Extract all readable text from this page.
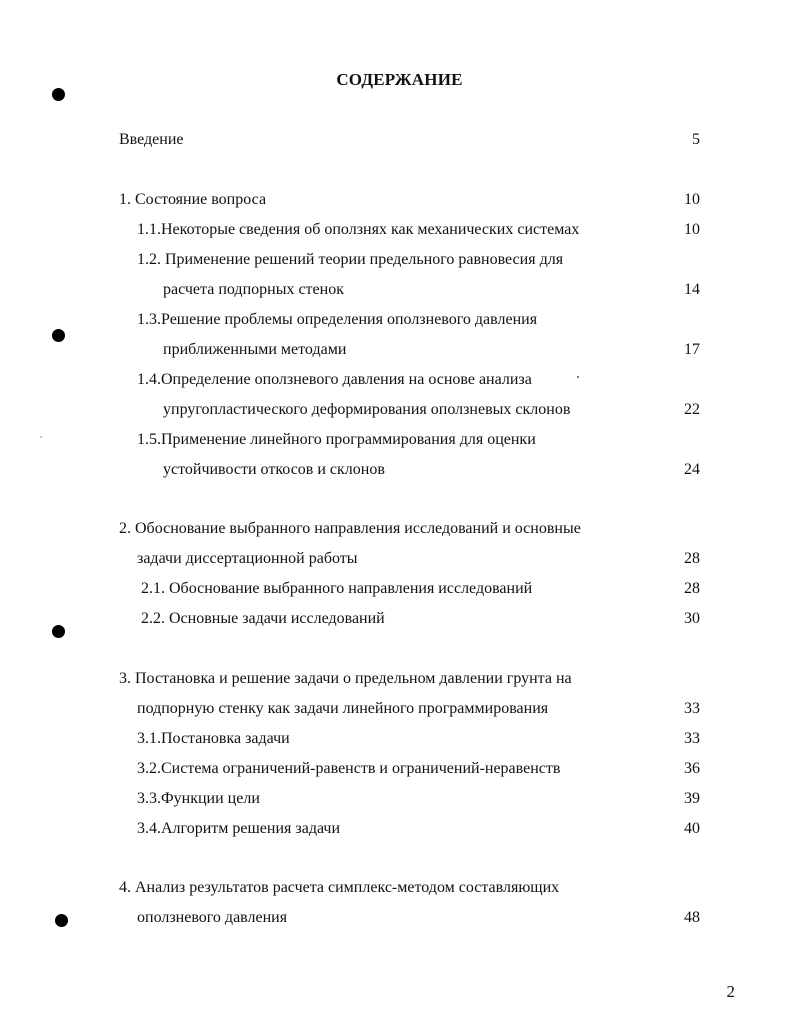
СОДЕРЖАНИЕ
Введение	5
1. Состояние вопроса	10
1.1.Некоторые сведения об оползнях как механических системах	10
1.2. Применение решений теории предельного равновесия для
расчета подпорных стенок	14
1.3.Решение проблемы определения оползневого давления
приближенными методами	17
1.4.Определение оползневого давления на основе анализа
упругопластического деформирования оползневых склонов	22
1.5.Применение линейного программирования для оценки
устойчивости откосов и склонов	24
2. Обоснование выбранного направления исследований и основные
задачи диссертационной работы	28
2.1. Обоснование выбранного направления исследований	28
2.2. Основные задачи исследований	30
3. Постановка и решение задачи о предельном давлении грунта на
подпорную стенку как задачи линейного программирования	33
3.1.Постановка задачи	33
3.2.Система ограничений-равенств и ограничений-неравенств	36
3.3.Функции цели	39
3.4.Алгоритм решения задачи	40
4. Анализ результатов расчета симплекс-методом составляющих
оползневого давления	48
2
